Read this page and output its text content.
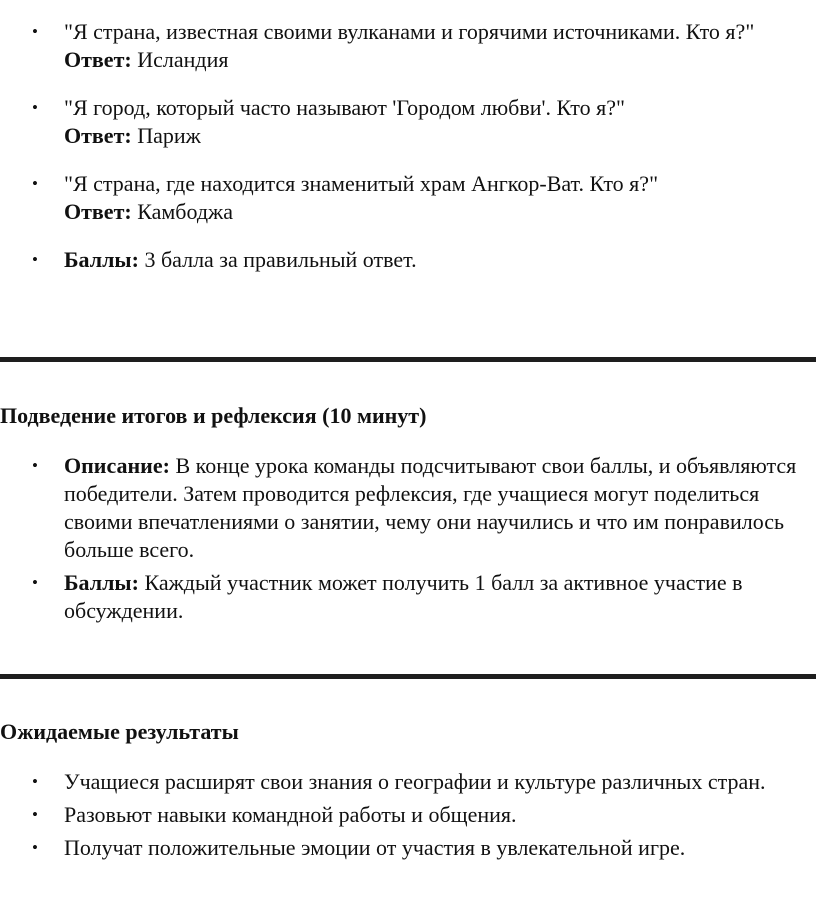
• "Я страна, известная своими вулканами и горячими источниками. Кто я?"
Ответ: Исландия
• "Я город, который часто называют 'Городом любви'. Кто я?"
Ответ: Париж
• "Я страна, где находится знаменитый храм Ангкор-Ват. Кто я?"
Ответ: Камбоджа
• Баллы: 3 балла за правильный ответ.
Подведение итогов и рефлексия (10 минут)
• Описание: В конце урока команды подсчитывают свои баллы, и объявляются победители. Затем проводится рефлексия, где учащиеся могут поделиться своими впечатлениями о занятии, чему они научились и что им понравилось больше всего.
• Баллы: Каждый участник может получить 1 балл за активное участие в обсуждении.
Ожидаемые результаты
• Учащиеся расширят свои знания о географии и культуре различных стран.
• Разовьют навыки командной работы и общения.
• Получат положительные эмоции от участия в увлекательной игре.
